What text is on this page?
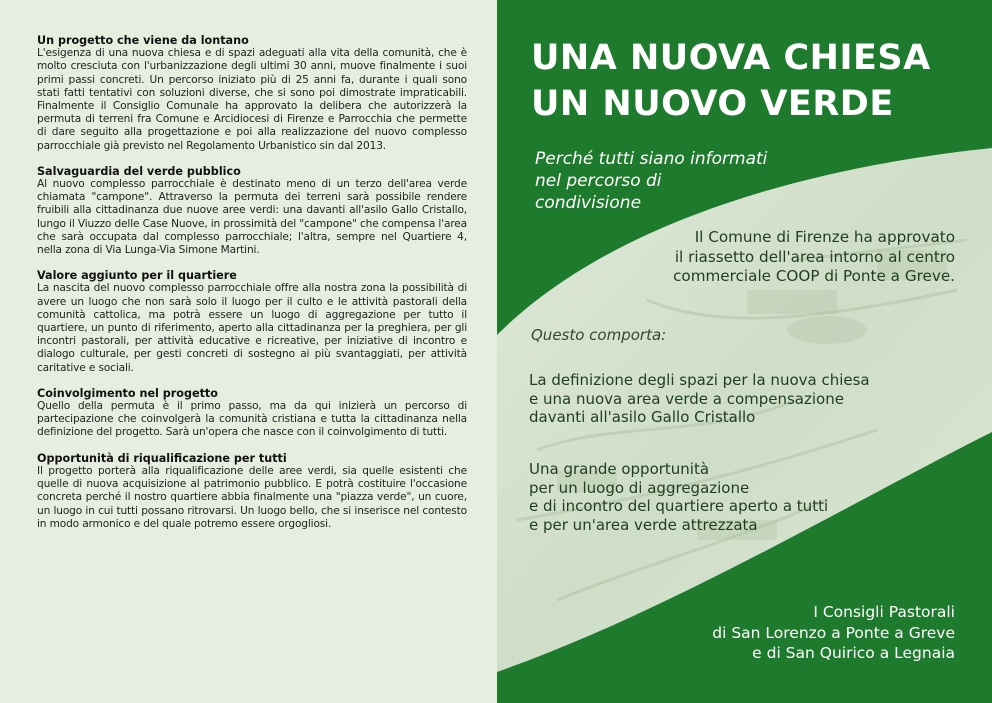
Un progetto che viene da lontano

L'esigenza di una nuova chiesa e di spazi adeguati alla vita della comunità, che è molto cresciuta con l'urbanizzazione degli ultimi 30 anni, muove finalmente i suoi primi passi concreti. Un percorso iniziato più di 25 anni fa, durante i quali sono stati fatti tentativi con soluzioni diverse, che si sono poi dimostrate impraticabili. Finalmente il Consiglio Comunale ha approvato la delibera che autorizzerà la permuta di terreni fra Comune e Arcidiocesi di Firenze e Parrocchia che permette di dare seguito alla progettazione e poi alla realizzazione del nuovo complesso parrocchiale già previsto nel Regolamento Urbanistico sin dal 2013.

Salvaguardia del verde pubblico

Al nuovo complesso parrocchiale è destinato meno di un terzo dell'area verde chiamata "campone". Attraverso la permuta dei terreni sarà possibile rendere fruibili alla cittadinanza due nuove aree verdi: una davanti all'asilo Gallo Cristallo, lungo il Viuzzo delle Case Nuove, in prossimità del "campone" che compensa l'area che sarà occupata dal complesso parrocchiale; l'altra, sempre nel Quartiere 4, nella zona di Via Lunga-Via Simone Martini.

Valore aggiunto per il quartiere

La nascita del nuovo complesso parrocchiale offre alla nostra zona la possibilità di avere un luogo che non sarà solo il luogo per il culto e le attività pastorali della comunità cattolica, ma potrà essere un luogo di aggregazione per tutto il quartiere, un punto di riferimento, aperto alla cittadinanza per la preghiera, per gli incontri pastorali, per attività educative e ricreative, per iniziative di incontro e dialogo culturale, per gesti concreti di sostegno ai più svantaggiati, per attività caritative e sociali.

Coinvolgimento nel progetto

Quello della permuta è il primo passo, ma da qui inizierà un percorso di partecipazione che coinvolgerà la comunità cristiana e tutta la cittadinanza nella definizione del progetto. Sarà un'opera che nasce con il coinvolgimento di tutti.

Opportunità di riqualificazione per tutti

Il progetto porterà alla riqualificazione delle aree verdi, sia quelle esistenti che quelle di nuova acquisizione al patrimonio pubblico. E potrà costituire l'occasione concreta perché il nostro quartiere abbia finalmente una "piazza verde", un cuore, un luogo in cui tutti possano ritrovarsi. Un luogo bello, che si inserisce nel contesto in modo armonico e del quale potremo essere orgogliosi.

UNA NUOVA CHIESA
UN NUOVO VERDE
Perché tutti siano informati
nel percorso di
condivisione
Il Comune di Firenze ha approvato
il riassetto dell'area intorno al centro
commerciale COOP di Ponte a Greve.
Questo comporta:
La definizione degli spazi per la nuova chiesa
e una nuova area verde a compensazione
davanti all'asilo Gallo Cristallo
Una grande opportunità
per un luogo di aggregazione
e di incontro del quartiere aperto a tutti
e per un'area verde attrezzata
I Consigli Pastorali
di San Lorenzo a Ponte a Greve
e di San Quirico a Legnaia
